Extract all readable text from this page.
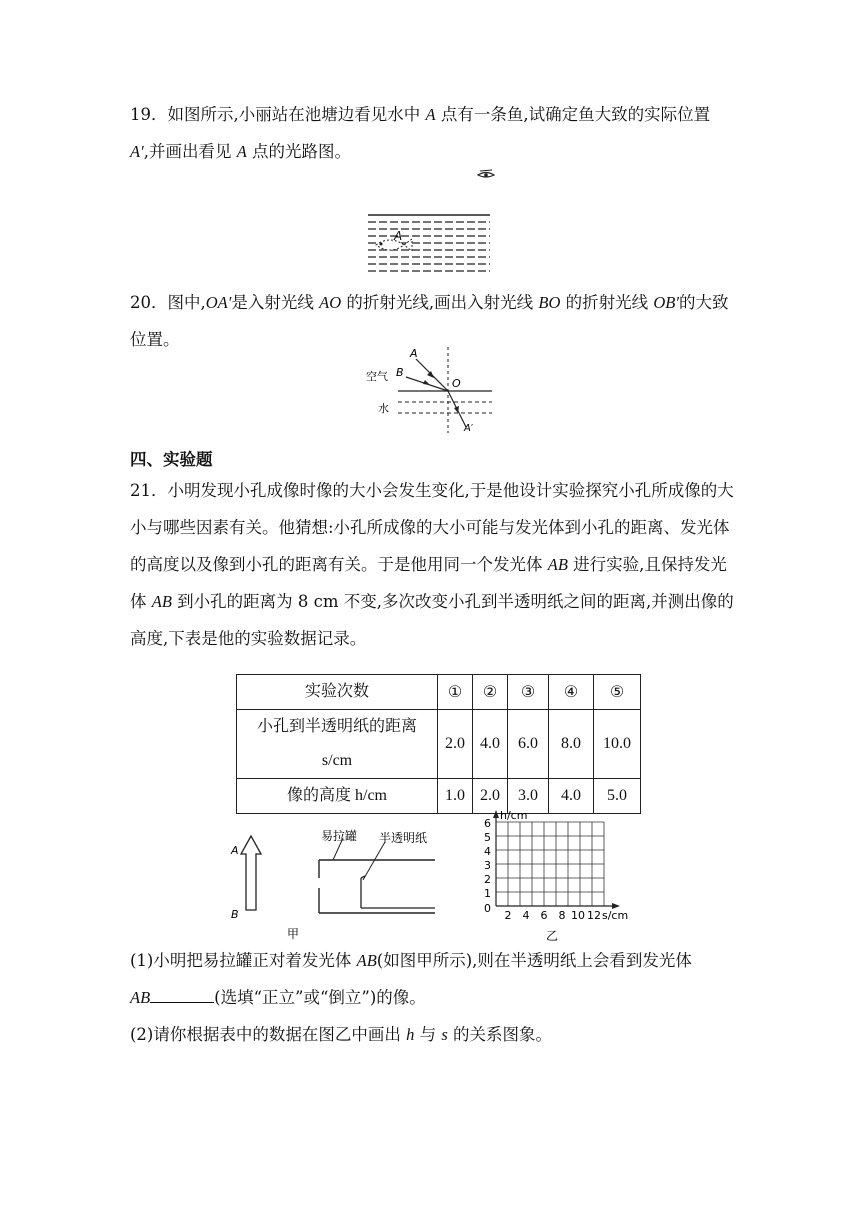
19．如图所示,小丽站在池塘边看见水中 A 点有一条鱼,试确定鱼大致的实际位置
A′,并画出看见 A 点的光路图。

A

20．图中,OA′是入射光线 AO 的折射光线,画出入射光线 BO 的折射光线 OB′的大致位置。

A
B
O
A′
空气
水

四、实验题

21．小明发现小孔成像时像的大小会发生变化,于是他设计实验探究小孔所成像的大小与哪些因素有关。他猜想:小孔所成像的大小可能与发光体到小孔的距离、发光体的高度以及像到小孔的距离有关。于是他用同一个发光体 AB 进行实验,且保持发光体 AB 到小孔的距离为 8 cm 不变,多次改变小孔到半透明纸之间的距离,并测出像的高度,下表是他的实验数据记录。

实验次数	①	②	③	④	⑤

小孔到半透明纸的距离
s/cm	2.0	4.0	6.0	8.0	10.0
像的高度 h/cm	1.0	2.0	3.0	4.0	5.0
A
B
易拉罐 半透明纸
甲
h/cm
s/cm
0
1
2
3
4
5
6
2 4 6 8 10 12
乙

(1)小明把易拉罐正对着发光体 AB(如图甲所示),则在半透明纸上会看到发光体
AB	(选填“正立”或“倒立”)的像。

(2)请你根据表中的数据在图乙中画出 h 与 s 的关系图象。
